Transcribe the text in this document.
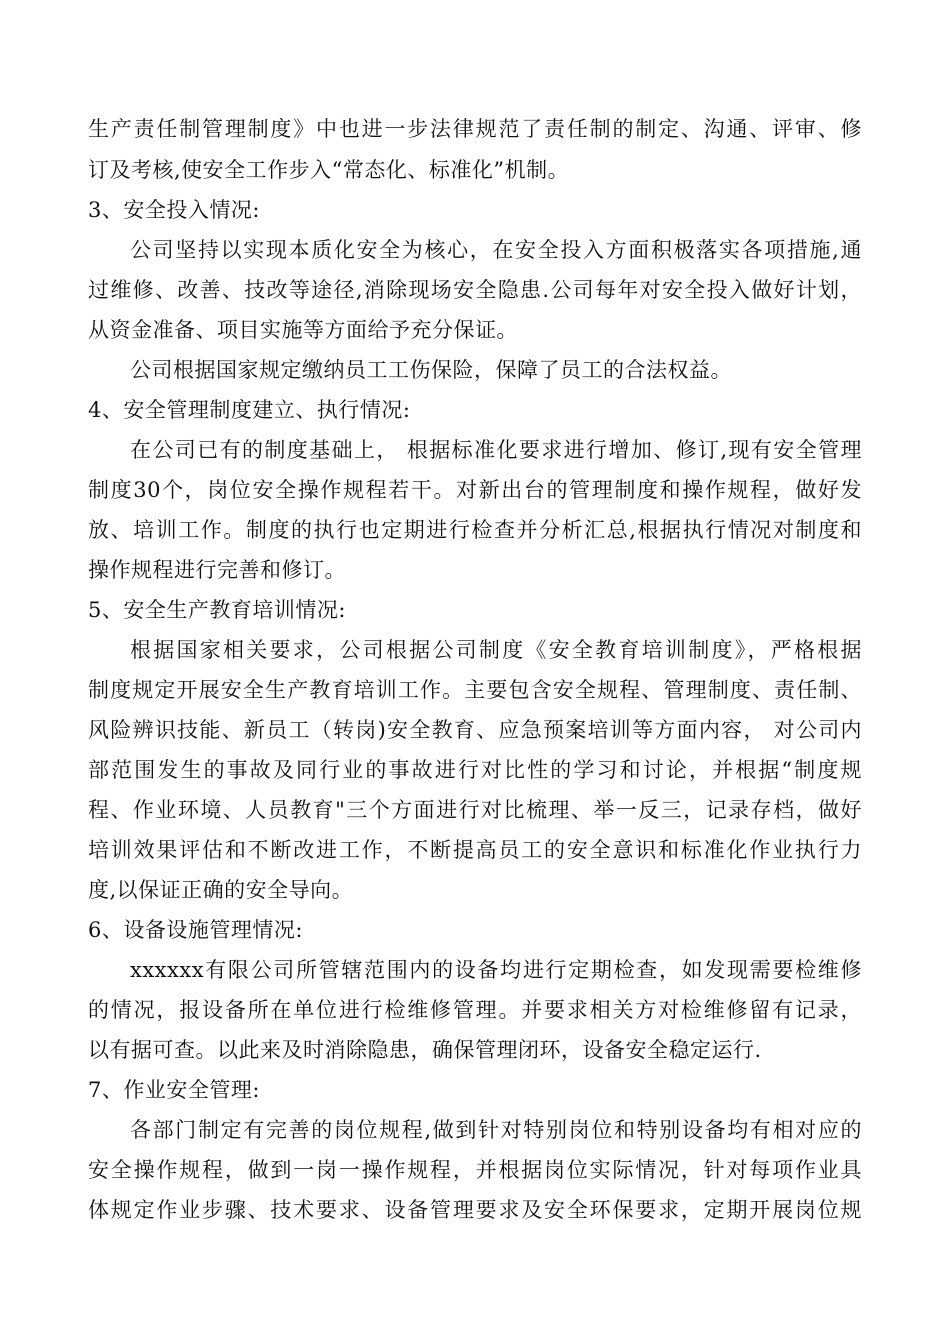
生产责任制管理制度》中也进一步法律规范了责任制的制定、沟通、评审、修
订及考核,使安全工作步入“常态化、标准化”机制。
3、安全投入情况:
公司坚持以实现本质化安全为核心，在安全投入方面积极落实各项措施,通
过维修、改善、技改等途径,消除现场安全隐患.公司每年对安全投入做好计划，
从资金准备、项目实施等方面给予充分保证。
公司根据国家规定缴纳员工工伤保险，保障了员工的合法权益。
4、安全管理制度建立、执行情况:
在公司已有的制度基础上， 根据标准化要求进行增加、修订,现有安全管理
制度30个，岗位安全操作规程若干。对新出台的管理制度和操作规程，做好发
放、培训工作。制度的执行也定期进行检查并分析汇总,根据执行情况对制度和
操作规程进行完善和修订。
5、安全生产教育培训情况:
根据国家相关要求，公司根据公司制度《安全教育培训制度》，严格根据
制度规定开展安全生产教育培训工作。主要包含安全规程、管理制度、责任制、
风险辨识技能、新员工（转岗)安全教育、应急预案培训等方面内容， 对公司内
部范围发生的事故及同行业的事故进行对比性的学习和讨论，并根据“制度规
程、作业环境、人员教育"三个方面进行对比梳理、举一反三，记录存档，做好
培训效果评估和不断改进工作，不断提高员工的安全意识和标准化作业执行力
度,以保证正确的安全导向。
6、设备设施管理情况:
xxxxxx有限公司所管辖范围内的设备均进行定期检查，如发现需要检维修
的情况，报设备所在单位进行检维修管理。并要求相关方对检维修留有记录，
以有据可查。以此来及时消除隐患，确保管理闭环，设备安全稳定运行.
7、作业安全管理:
各部门制定有完善的岗位规程,做到针对特别岗位和特别设备均有相对应的
安全操作规程，做到一岗一操作规程，并根据岗位实际情况，针对每项作业具
体规定作业步骤、技术要求、设备管理要求及安全环保要求，定期开展岗位规
